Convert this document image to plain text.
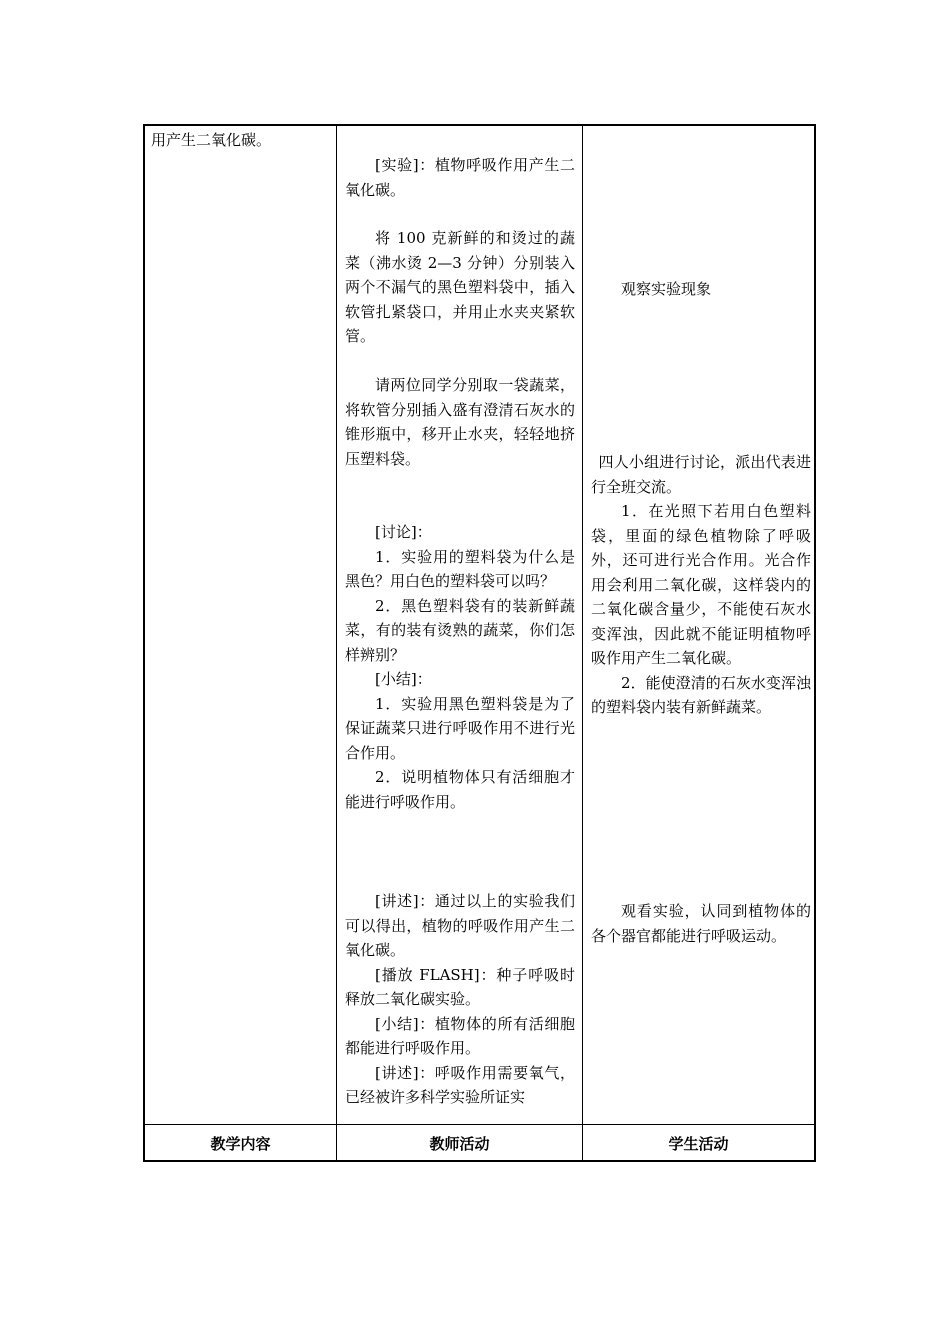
用产生二氧化碳。

[实验]：植物呼吸作用产生二氧化碳。

将 100 克新鲜的和烫过的蔬菜（沸水烫 2—3 分钟）分别装入两个不漏气的黑色塑料袋中，插入软管扎紧袋口，并用止水夹夹紧软管。

请两位同学分别取一袋蔬菜，将软管分别插入盛有澄清石灰水的锥形瓶中，移开止水夹，轻轻地挤压塑料袋。

[讨论]：

1．实验用的塑料袋为什么是黑色？用白色的塑料袋可以吗？

2．黑色塑料袋有的装新鲜蔬菜，有的装有烫熟的蔬菜，你们怎样辨别？

[小结]：

1．实验用黑色塑料袋是为了保证蔬菜只进行呼吸作用不进行光合作用。

2．说明植物体只有活细胞才能进行呼吸作用。

[讲述]：通过以上的实验我们可以得出，植物的呼吸作用产生二氧化碳。

[播放 FLASH]：种子呼吸时释放二氧化碳实验。

[小结]：植物体的所有活细胞都能进行呼吸作用。

[讲述]：呼吸作用需要氧气，已经被许多科学实验所证实

观察实验现象

四人小组进行讨论，派出代表进行全班交流。

1．在光照下若用白色塑料袋，里面的绿色植物除了呼吸外，还可进行光合作用。光合作用会利用二氧化碳，这样袋内的二氧化碳含量少，不能使石灰水变浑浊，因此就不能证明植物呼吸作用产生二氧化碳。

2．能使澄清的石灰水变浑浊的塑料袋内装有新鲜蔬菜。

观看实验，认同到植物体的各个器官都能进行呼吸运动。

教学内容	教师活动	学生活动
